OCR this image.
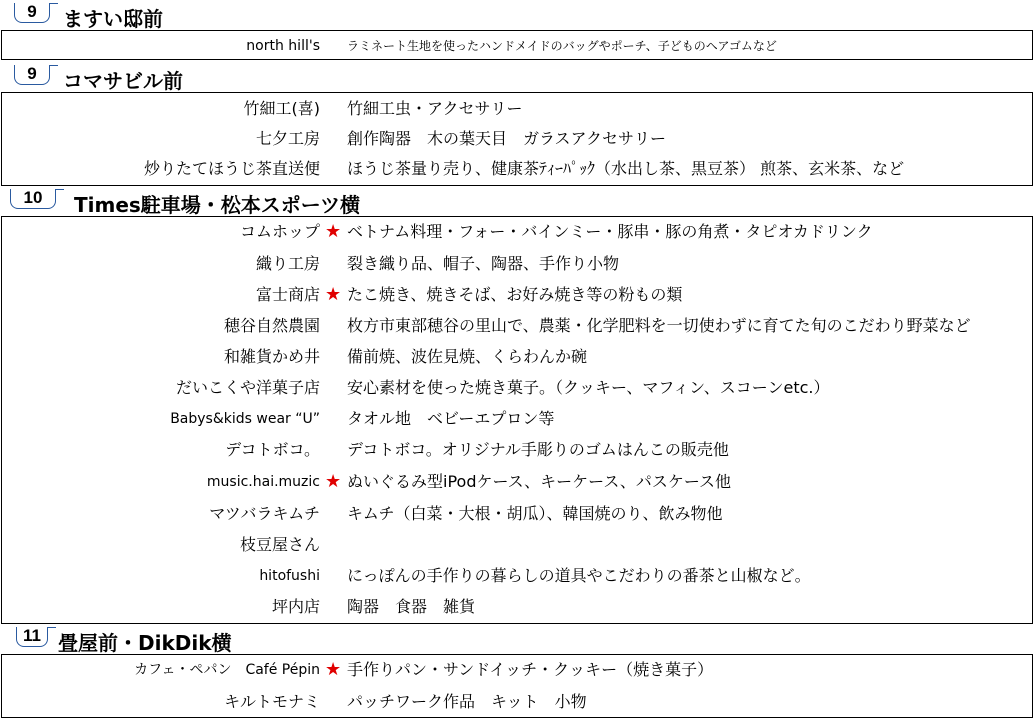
9	ますい邸前
north hill's ラミネート生地を使ったハンドメイドのバッグやポーチ、子どものヘアゴムなど
9	コマサビル前
竹細工(喜) 竹細工虫・アクセサリー
七夕工房 創作陶器　木の葉天目　ガラスアクセサリー
炒りたてほうじ茶直送便 ほうじ茶量り売り、健康茶ﾃｨｰﾊﾟｯｸ（水出し茶、黒豆茶） 煎茶、玄米茶、など
10	Times駐車場・松本スポーツ横
コムホップ ★ ベトナム料理・フォー・バインミー・豚串・豚の角煮・タピオカドリンク
織り工房 裂き織り品、帽子、陶器、手作り小物
富士商店 ★ たこ焼き、焼きそば、お好み焼き等の粉もの類
穂谷自然農園 枚方市東部穂谷の里山で、農薬・化学肥料を一切使わずに育てた旬のこだわり野菜など
和雑貨かめ井 備前焼、波佐見焼、くらわんか碗
だいこくや洋菓子店 安心素材を使った焼き菓子。（クッキー、マフィン、スコーンetc.）
Babys&kids wear “U” タオル地　ベビーエプロン等
デコトボコ。 デコトボコ。オリジナル手彫りのゴムはんこの販売他
music.hai.muzic ★ ぬいぐるみ型iPodケース、キーケース、パスケース他
マツバラキムチ キムチ（白菜・大根・胡瓜）、韓国焼のり、飲み物他
枝豆屋さん
hitofushi にっぽんの手作りの暮らしの道具やこだわりの番茶と山椒など。
坪内店 陶器　食器　雑貨
11 畳屋前・DikDik横
カフェ・ペパン　Café Pépin ★ 手作りパン・サンドイッチ・クッキー（焼き菓子）
キルトモナミ パッチワーク作品　キット　小物
